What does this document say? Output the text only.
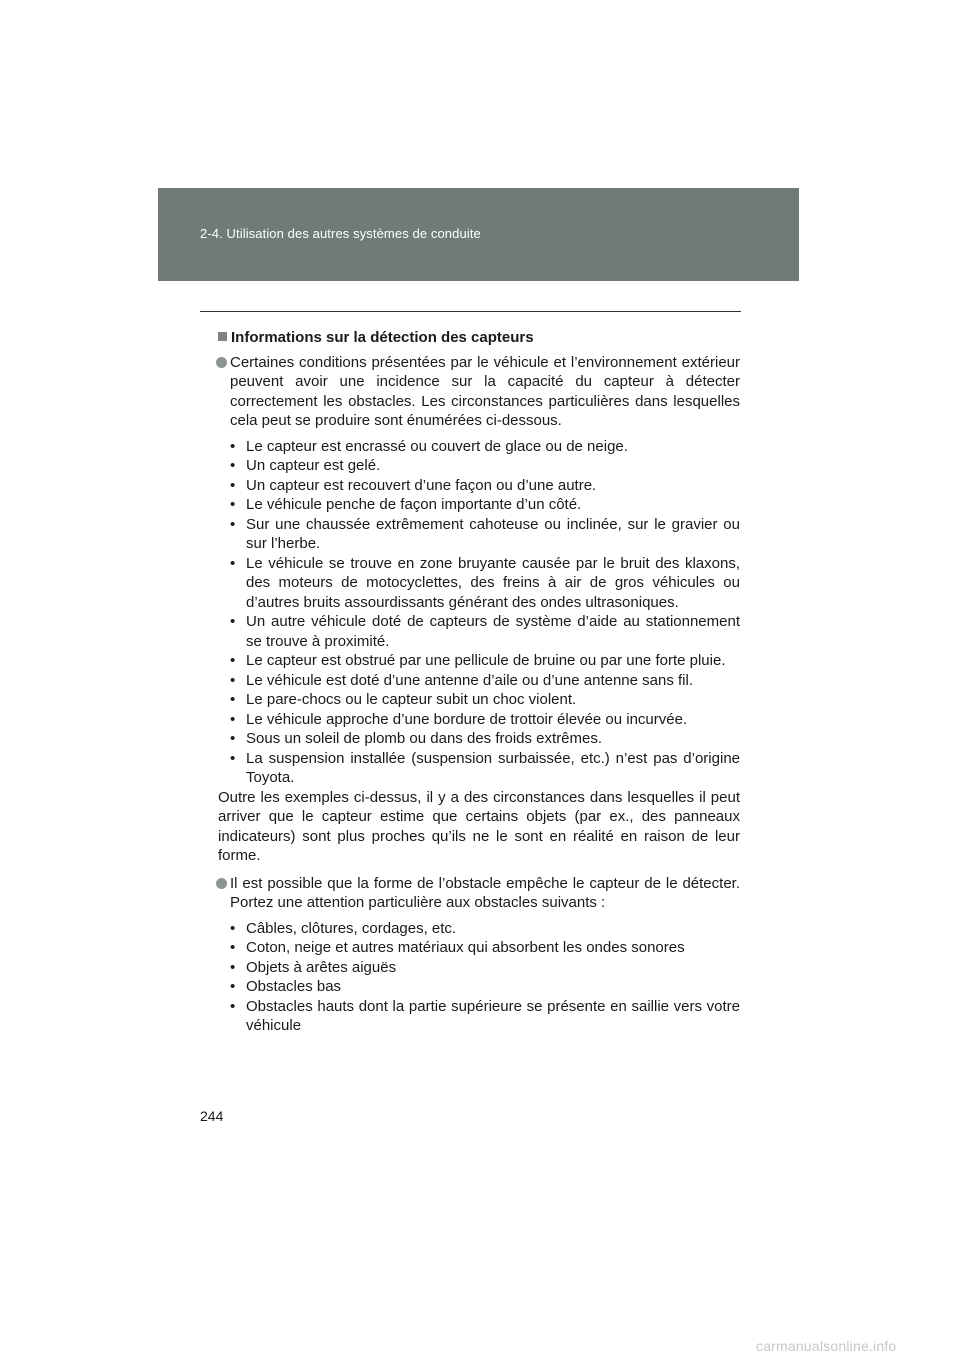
2-4. Utilisation des autres systèmes de conduite
Informations sur la détection des capteurs
Certaines conditions présentées par le véhicule et l’environnement extérieur peuvent avoir une incidence sur la capacité du capteur à détecter correctement les obstacles. Les circonstances particulières dans lesquelles cela peut se produire sont énumérées ci-dessous.
• Le capteur est encrassé ou couvert de glace ou de neige.
• Un capteur est gelé.
• Un capteur est recouvert d’une façon ou d’une autre.
• Le véhicule penche de façon importante d’un côté.
• Sur une chaussée extrêmement cahoteuse ou inclinée, sur le gravier ou sur l’herbe.
• Le véhicule se trouve en zone bruyante causée par le bruit des klaxons, des moteurs de motocyclettes, des freins à air de gros véhicules ou d’autres bruits assourdissants générant des ondes ultrasoniques.
• Un autre véhicule doté de capteurs de système d’aide au stationnement se trouve à proximité.
• Le capteur est obstrué par une pellicule de bruine ou par une forte pluie.
• Le véhicule est doté d’une antenne d’aile ou d’une antenne sans fil.
• Le pare-chocs ou le capteur subit un choc violent.
• Le véhicule approche d’une bordure de trottoir élevée ou incurvée.
• Sous un soleil de plomb ou dans des froids extrêmes.
• La suspension installée (suspension surbaissée, etc.) n’est pas d’origine Toyota.
Outre les exemples ci-dessus, il y a des circonstances dans lesquelles il peut arriver que le capteur estime que certains objets (par ex., des panneaux indicateurs) sont plus proches qu’ils ne le sont en réalité en raison de leur forme.
Il est possible que la forme de l’obstacle empêche le capteur de le détecter. Portez une attention particulière aux obstacles suivants :
• Câbles, clôtures, cordages, etc.
• Coton, neige et autres matériaux qui absorbent les ondes sonores
• Objets à arêtes aiguës
• Obstacles bas
• Obstacles hauts dont la partie supérieure se présente en saillie vers votre véhicule
244
carmanualsonline.info
